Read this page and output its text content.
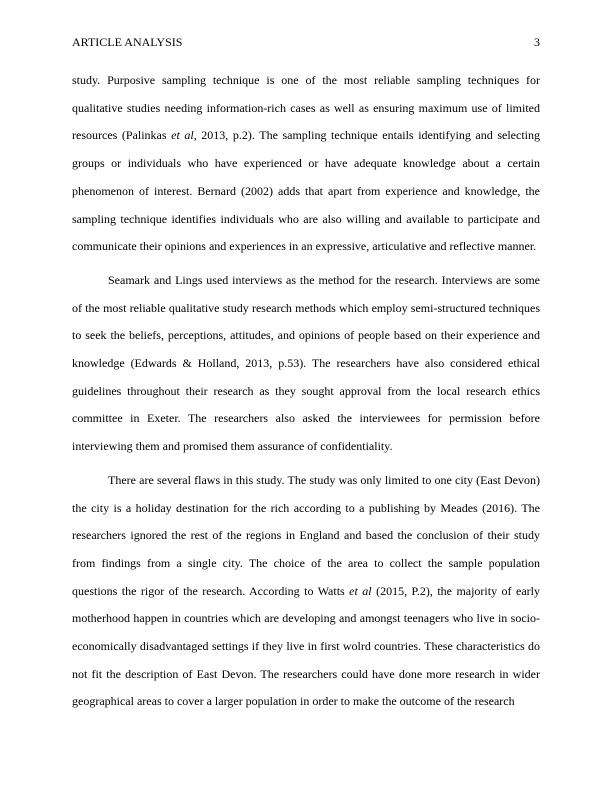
ARTICLE ANALYSIS	3

study. Purposive sampling technique is one of the most reliable sampling techniques for qualitative studies needing information-rich cases as well as ensuring maximum use of limited resources (Palinkas et al, 2013, p.2). The sampling technique entails identifying and selecting groups or individuals who have experienced or have adequate knowledge about a certain phenomenon of interest. Bernard (2002) adds that apart from experience and knowledge, the sampling technique identifies individuals who are also willing and available to participate and communicate their opinions and experiences in an expressive, articulative and reflective manner.

Seamark and Lings used interviews as the method for the research. Interviews are some of the most reliable qualitative study research methods which employ semi-structured techniques to seek the beliefs, perceptions, attitudes, and opinions of people based on their experience and knowledge (Edwards & Holland, 2013, p.53). The researchers have also considered ethical guidelines throughout their research as they sought approval from the local research ethics committee in Exeter. The researchers also asked the interviewees for permission before interviewing them and promised them assurance of confidentiality.

There are several flaws in this study. The study was only limited to one city (East Devon) the city is a holiday destination for the rich according to a publishing by Meades (2016). The researchers ignored the rest of the regions in England and based the conclusion of their study from findings from a single city. The choice of the area to collect the sample population questions the rigor of the research. According to Watts et al (2015, P.2), the majority of early motherhood happen in countries which are developing and amongst teenagers who live in socio-economically disadvantaged settings if they live in first wolrd countries. These characteristics do not fit the description of East Devon. The researchers could have done more research in wider geographical areas to cover a larger population in order to make the outcome of the research
